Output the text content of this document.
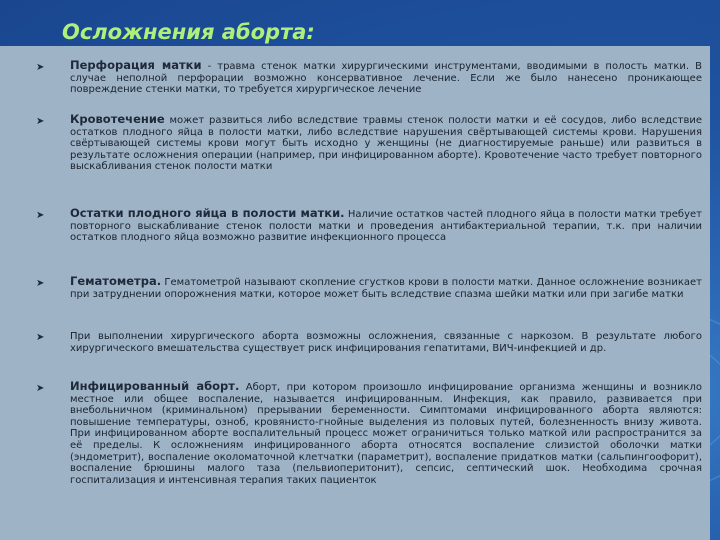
Осложнения аборта:
➤ Перфорация матки - травма стенок матки хирургическими инструментами, вводимыми в полость матки. В случае неполной перфорации возможно консервативное лечение. Если же было нанесено проникающее повреждение стенки матки, то требуется хирургическое лечение

➤ Кровотечение может развиться либо вследствие травмы стенок полости матки и её сосудов, либо вследствие остатков плодного яйца в полости матки, либо вследствие нарушения свёртывающей системы крови. Нарушения свёртывающей системы крови могут быть исходно у женщины (не диагностируемые раньше) или развиться в результате осложнения операции (например, при инфицированном аборте). Кровотечение часто требует повторного выскабливания стенок полости матки

➤ Остатки плодного яйца в полости матки. Наличие остатков частей плодного яйца в полости матки требует повторного выскабливание стенок полости матки и проведения антибактериальной терапии, т.к. при наличии остатков плодного яйца возможно развитие инфекционного процесса

➤ Гематометра. Гематометрой называют скопление сгустков крови в полости матки. Данное осложнение возникает при затруднении опорожнения матки, которое может быть вследствие спазма шейки матки или при загибе матки

➤	При выполнении хирургического аборта возможны осложнения, связанные с наркозом. В результате любого хирургического вмешательства существует риск инфицирования гепатитами, ВИЧ-инфекцией и др.

➤ Инфицированный аборт. Аборт, при котором произошло инфицирование организма женщины и возникло местное или общее воспаление, называется инфицированным. Инфекция, как правило, развивается при внебольничном (криминальном) прерывании беременности. Симптомами инфицированного аборта являются: повышение температуры, озноб, кровянисто-гнойные выделения из половых путей, болезненность внизу живота. При инфицированном аборте воспалительный процесс может ограничиться только маткой или распространится за её пределы. К осложнениям инфицированного аборта относятся воспаление слизистой оболочки матки (эндометрит), воспаление околоматочной клетчатки (параметрит), воспаление придатков матки (сальпингоофорит), воспаление брюшины малого таза (пельвиоперитонит), сепсис, септический шок. Необходима срочная госпитализация и интенсивная терапия таких пациенток
